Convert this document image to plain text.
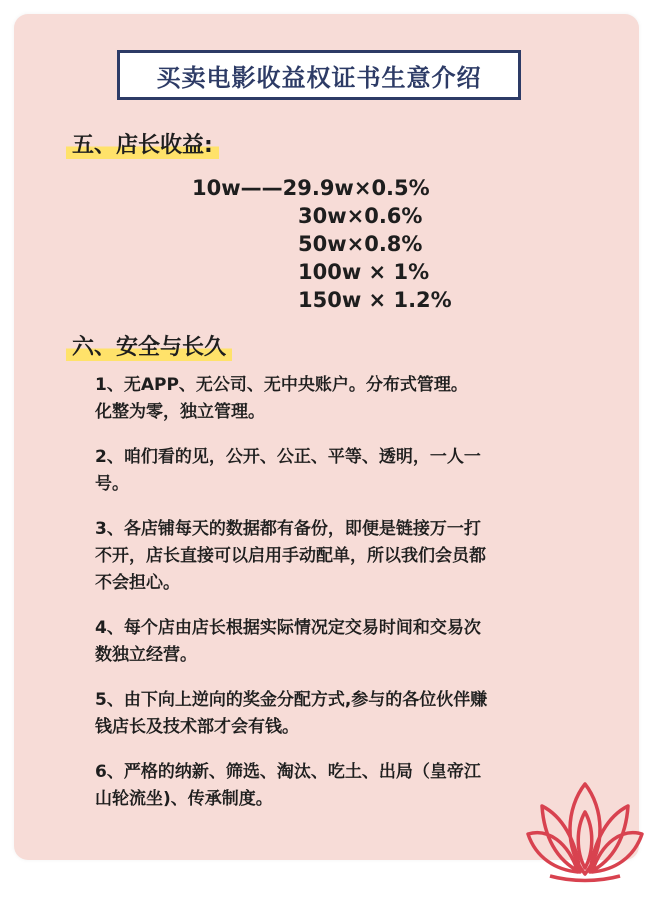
买卖电影收益权证书生意介绍
五、店长收益:
10w——29.9w ×0.5%
30w×0.6%
50w×0.8%
100w × 1%
150w × 1.2%
六、安全与长久
1、无APP、无公司、无中央账户。分布式管理。
化整为零，独立管理。
2、咱们看的见，公开、公正、平等、透明，一人一
号。
3、各店铺每天的数据都有备份，即便是链接万一打
不开，店长直接可以启用手动配单，所以我们会员都
不会担心。
4、每个店由店长根据实际情况定交易时间和交易次
数独立经营。
5、由下向上逆向的奖金分配方式,参与的各位伙伴赚
钱店长及技术部才会有钱。
6、严格的纳新、筛选、淘汰、吃土、出局（皇帝江
山轮流坐)、传承制度。
